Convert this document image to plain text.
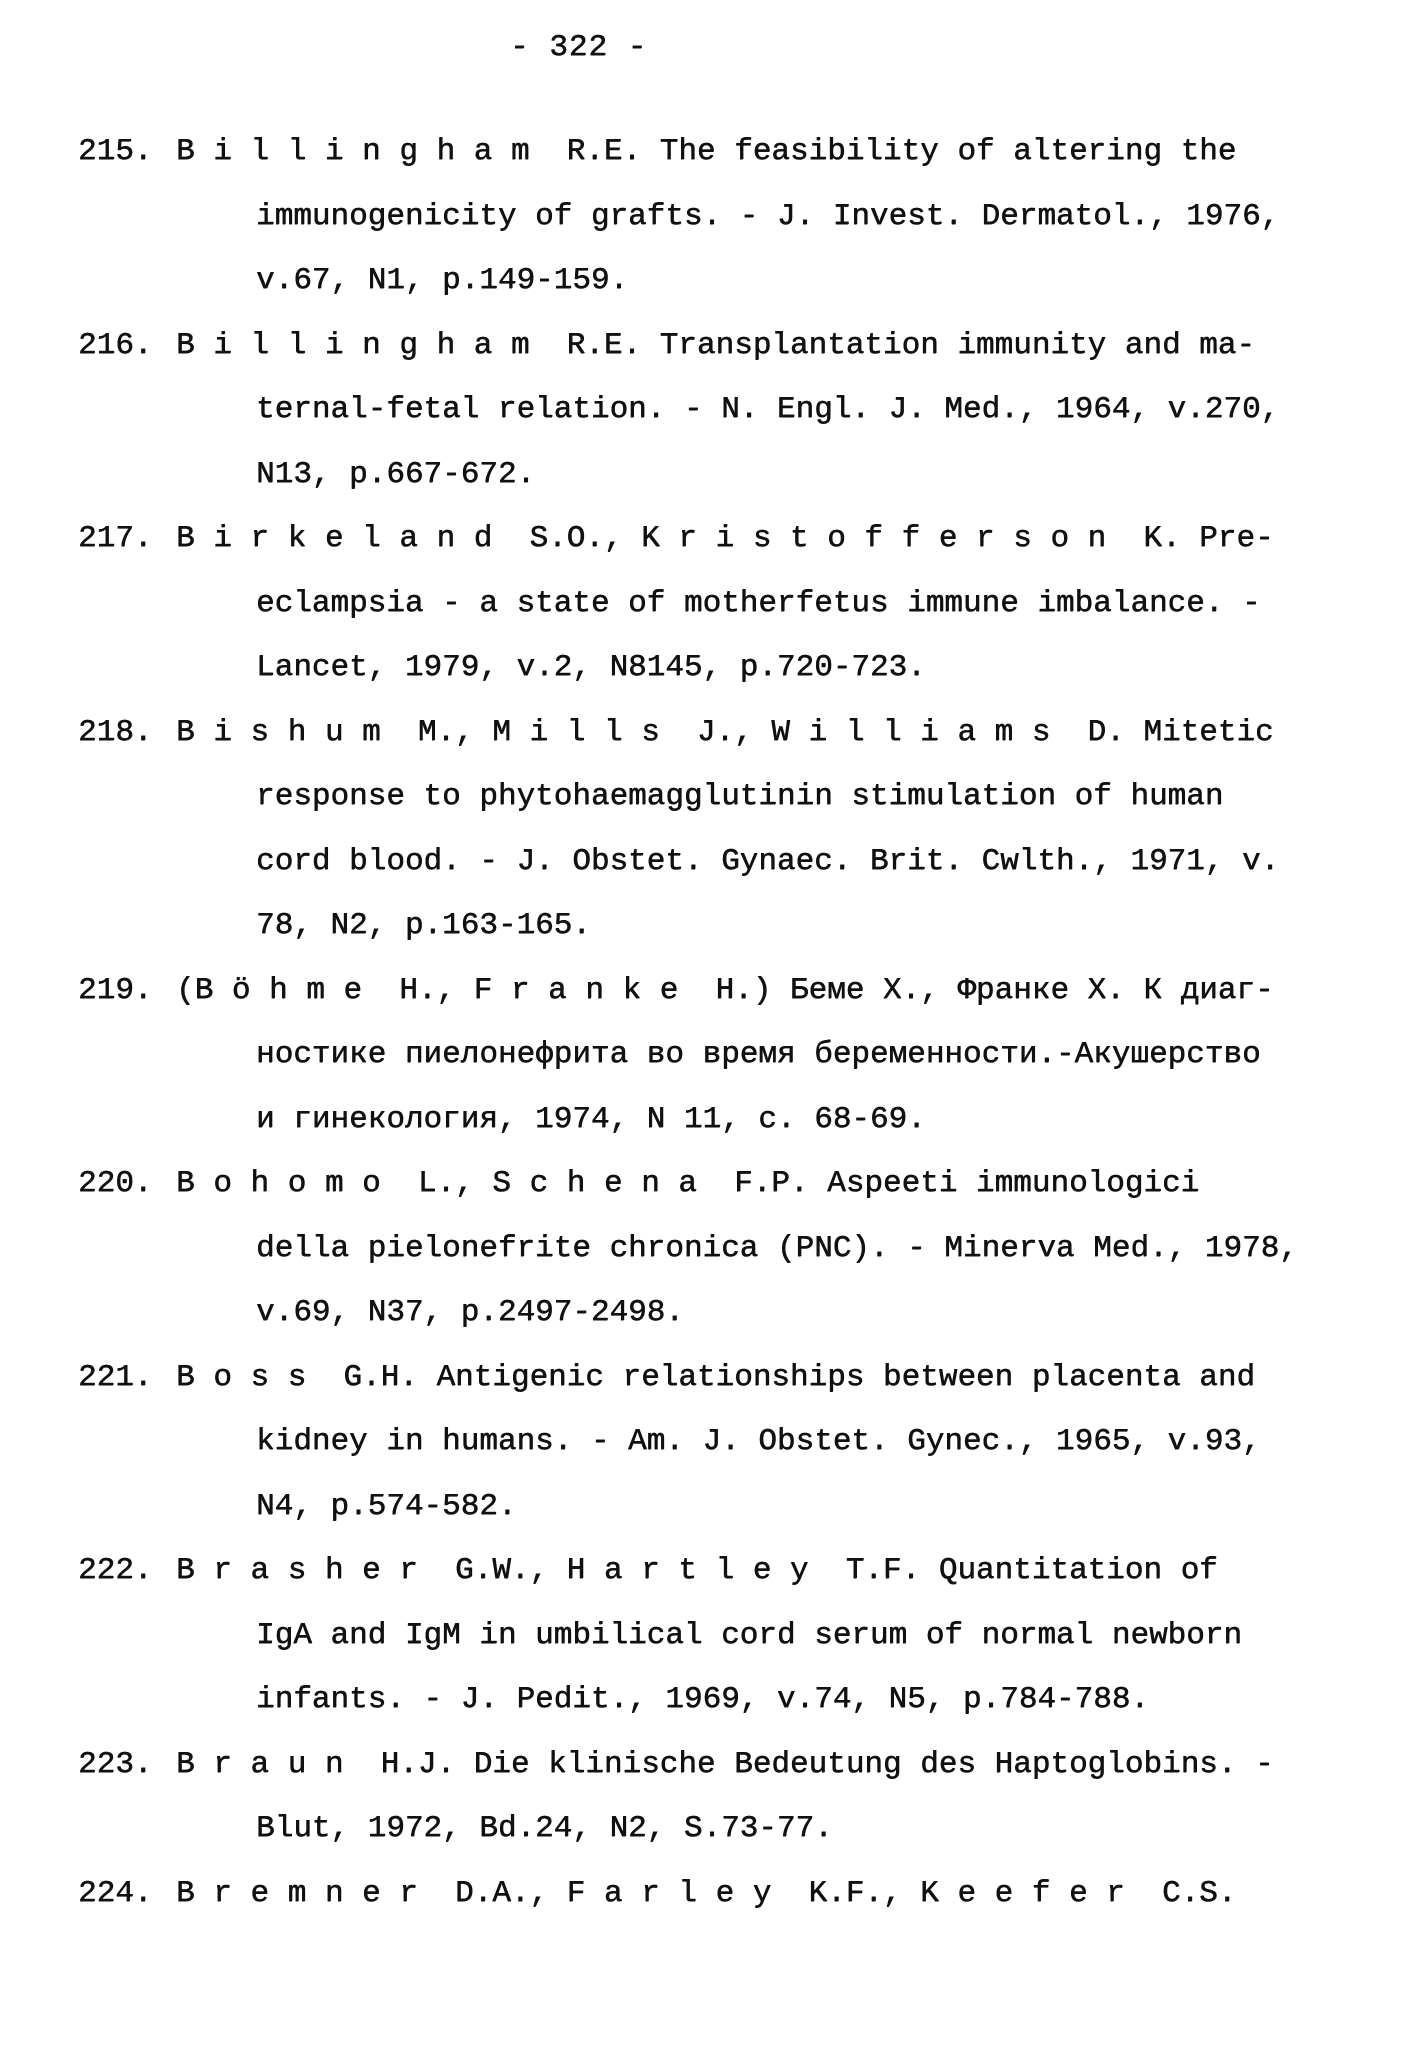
- 322 -
215. B i l l i n g h a m  R.E. The feasibility of altering the
immunogenicity of grafts. - J. Invest. Dermatol., 1976,
v.67, N1, p.149-159.
216. B i l l i n g h a m  R.E. Transplantation immunity and ma-
ternal-fetal relation. - N. Engl. J. Med., 1964, v.270,
N13, p.667-672.
217. B i r k e l a n d  S.O., K r i s t o f f e r s o n  K. Pre-
eclampsia - a state of motherfetus immune imbalance. -
Lancet, 1979, v.2, N8145, p.720-723.
218. B i s h u m  M., M i l l s  J., W i l l i a m s  D. Mitetic
response to phytohaemagglutinin stimulation of human
cord blood. - J. Obstet. Gynaec. Brit. Cwlth., 1971, v.
78, N2, p.163-165.
219. (B ö h m e  H., F r a n k e  H.) Беме Х., Франке Х. К диаг-
ностике пиелонефрита во время беременности.-Акушерство
и гинекология, 1974, N 11, с. 68-69.
220. B o h o m o  L., S c h e n a  F.P. Aspeeti immunologici
della pielonefrite chronica (PNC). - Minerva Med., 1978,
v.69, N37, p.2497-2498.
221. B o s s  G.H. Antigenic relationships between placenta and
kidney in humans. - Am. J. Obstet. Gynec., 1965, v.93,
N4, p.574-582.
222. B r a s h e r  G.W., H a r t l e y  T.F. Quantitation of
IgA and IgM in umbilical cord serum of normal newborn
infants. - J. Pedit., 1969, v.74, N5, p.784-788.
223. B r a u n  H.J. Die klinische Bedeutung des Haptoglobins. -
Blut, 1972, Bd.24, N2, S.73-77.
224. B r e m n e r  D.A., F a r l e y  K.F., K e e f e r  C.S.
